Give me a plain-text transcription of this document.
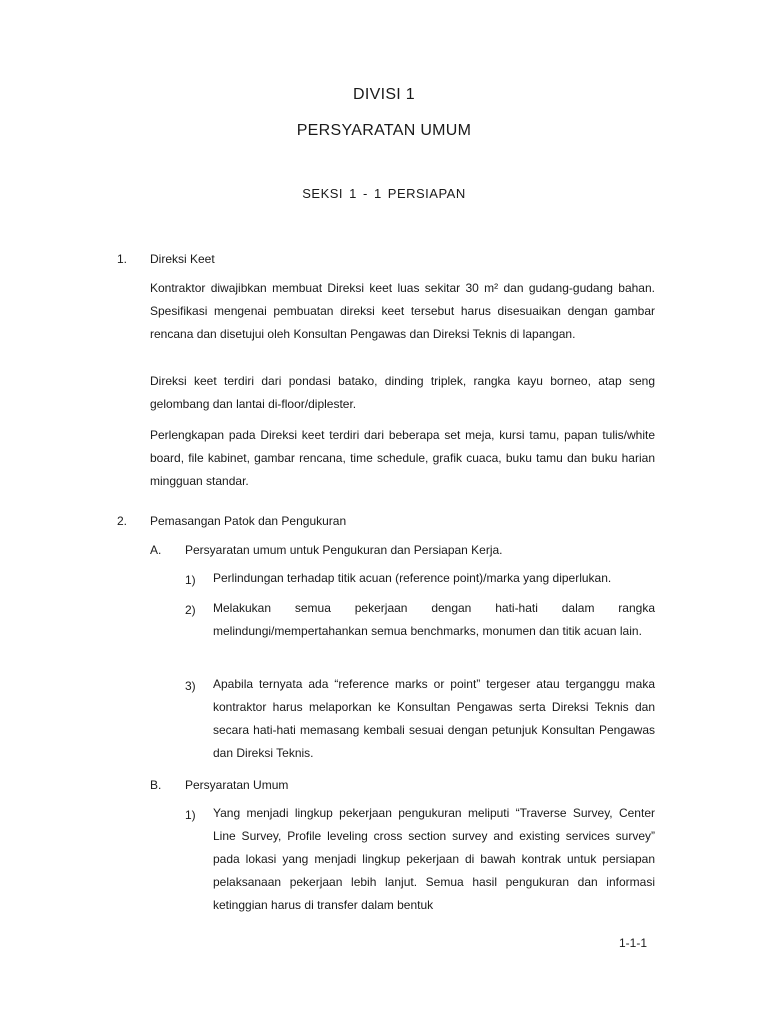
DIVISI 1
PERSYARATAN UMUM
SEKSI 1 - 1 PERSIAPAN
1. Direksi Keet

Kontraktor diwajibkan membuat Direksi keet luas sekitar 30 m² dan gudang-gudang bahan. Spesifikasi mengenai pembuatan direksi keet tersebut harus disesuaikan dengan gambar rencana dan disetujui oleh Konsultan Pengawas dan Direksi Teknis di lapangan.

Direksi keet terdiri dari pondasi batako, dinding triplek, rangka kayu borneo, atap seng gelombang dan lantai di-floor/diplester.

Perlengkapan pada Direksi keet terdiri dari beberapa set meja, kursi tamu, papan tulis/white board, file kabinet, gambar rencana, time schedule, grafik cuaca, buku tamu dan buku harian mingguan standar.

2. Pemasangan Patok dan Pengukuran
A. Persyaratan umum untuk Pengukuran dan Persiapan Kerja.
1) Perlindungan terhadap titik acuan (reference point)/marka yang diperlukan.

2) Melakukan semua pekerjaan dengan hati-hati dalam rangka melindungi/mempertahankan semua benchmarks, monumen dan titik acuan lain.

3) Apabila ternyata ada “reference marks or point” tergeser atau terganggu maka kontraktor harus melaporkan ke Konsultan Pengawas serta Direksi Teknis dan secara hati-hati memasang kembali sesuai dengan petunjuk Konsultan Pengawas dan Direksi Teknis.

B. Persyaratan Umum
1) Yang menjadi lingkup pekerjaan pengukuran meliputi “Traverse Survey, Center Line Survey, Profile leveling cross section survey and existing services survey” pada lokasi yang menjadi lingkup pekerjaan di bawah kontrak untuk persiapan pelaksanaan pekerjaan lebih lanjut. Semua hasil pengukuran dan informasi ketinggian harus di transfer dalam bentuk

1-1-1
